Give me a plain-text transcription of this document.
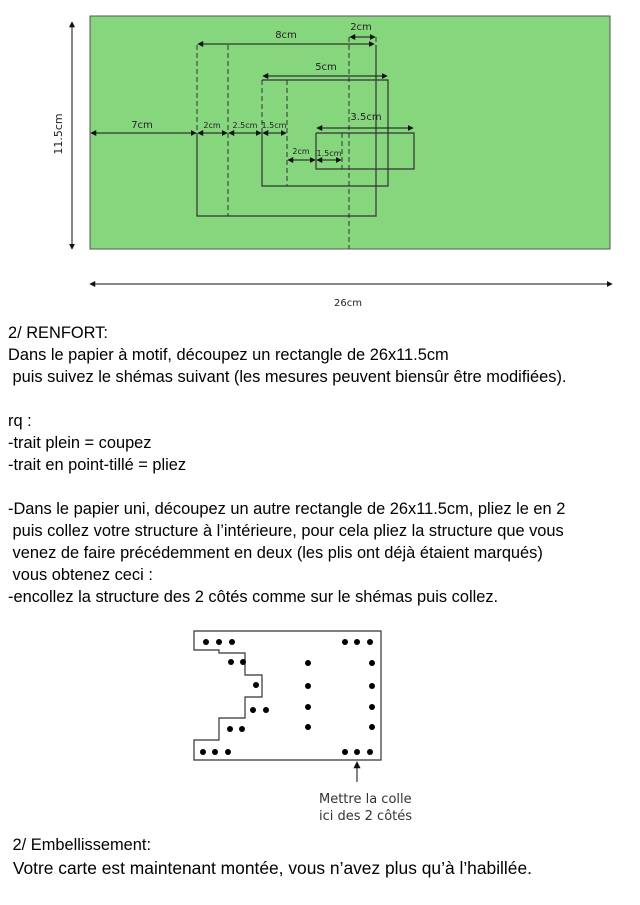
11.5cm
26cm
8cm
2cm
5cm
3.5cm
7cm	2cm 2.5cm 1.5cm
2cm 1.5cm
2/ RENFORT:
Dans le papier à motif, découpez un rectangle de 26x11.5cm
puis suivez le shémas suivant (les mesures peuvent biensûr être modifiées).
rq :
-trait plein = coupez
-trait en point-tillé = pliez
-Dans le papier uni, découpez un autre rectangle de 26x11.5cm, pliez le en 2
puis collez votre structure à l’intérieure, pour cela pliez la structure que vous
venez de faire précédemment en deux (les plis ont déjà étaient marqués)
vous obtenez ceci :
-encollez la structure des 2 côtés comme sur le shémas puis collez.
Mettre la colle
ici des 2 côtés
2/ Embellissement:
Votre carte est maintenant montée, vous n’avez plus qu’à l’habillée.
